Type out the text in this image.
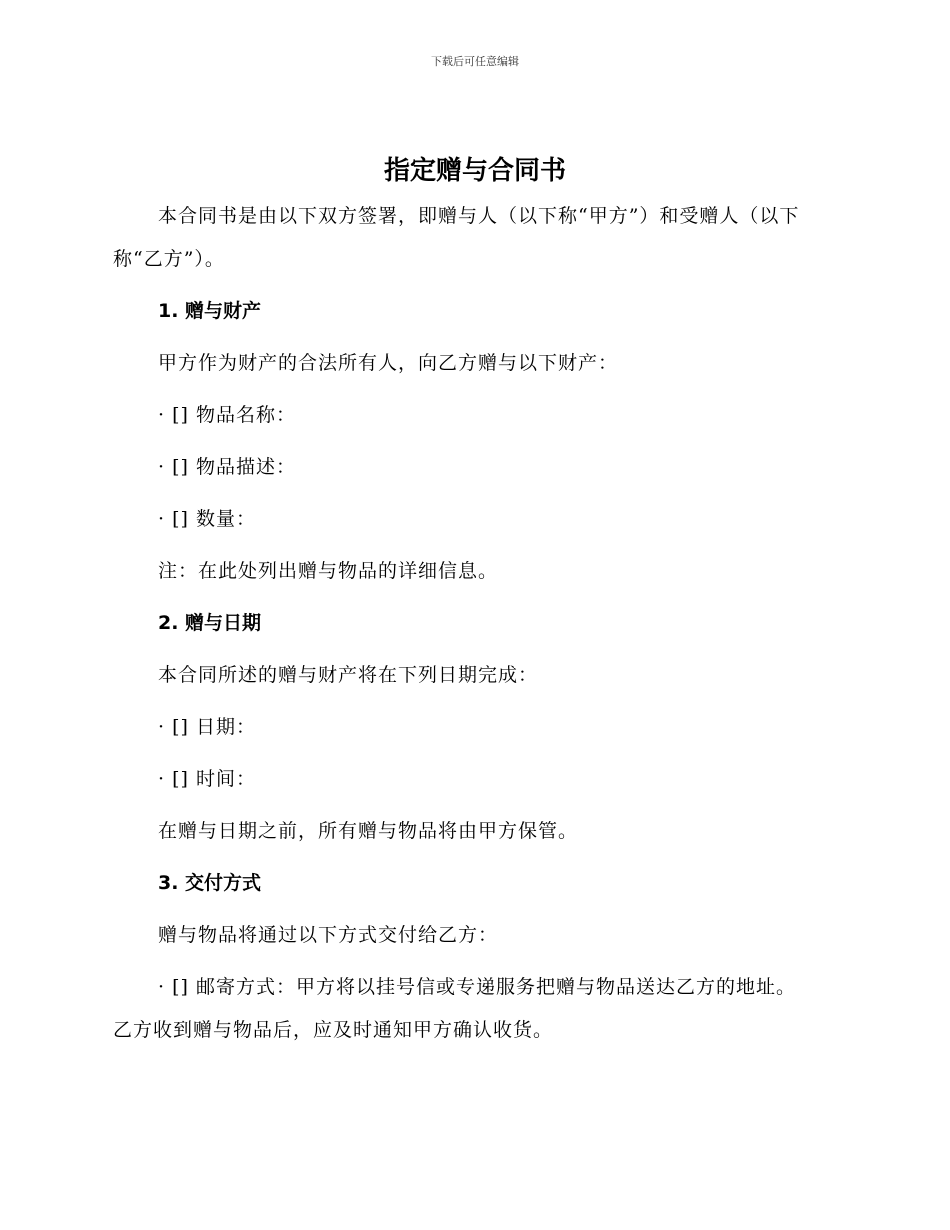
下载后可任意编辑
指定赠与合同书

本合同书是由以下双方签署，即赠与人（以下称“甲方”）和受赠人（以下称“乙方”）。

1. 赠与财产

甲方作为财产的合法所有人，向乙方赠与以下财产：

· [] 物品名称：

· [] 物品描述：

· [] 数量：

注：在此处列出赠与物品的详细信息。

2. 赠与日期

本合同所述的赠与财产将在下列日期完成：

· [] 日期：

· [] 时间：

在赠与日期之前，所有赠与物品将由甲方保管。

3. 交付方式

赠与物品将通过以下方式交付给乙方：

· [] 邮寄方式：甲方将以挂号信或专递服务把赠与物品送达乙方的地址。乙方收到赠与物品后，应及时通知甲方确认收货。
